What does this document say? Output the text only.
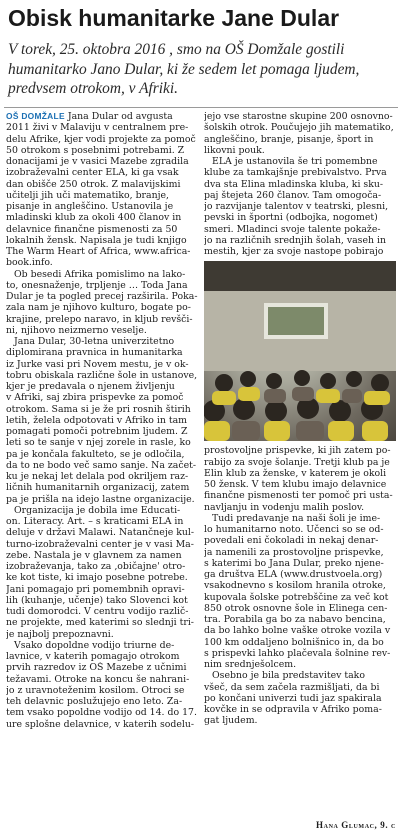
Obisk humanitarke Jane Dular
V torek, 25. oktobra 2016 , smo na OŠ Domžale gostili
humanitarko Jano Dular, ki že sedem let pomaga ljudem,
predvsem otrokom, v Afriki.
OŠ DOMŽALE Jana Dular od avgusta
2011 živi v Malaviju v centralnem pre-
delu Afrike, kjer vodi projekte za pomoč
50 otrokom s posebnimi potrebami. Z
donacijami je v vasici Mazebe zgradila
izobraževalni center ELA, ki ga vsak
dan obišče 250 otrok. Z malavijskimi
učitelji jih uči matematiko, branje,
pisanje in angleščino. Ustanovila je
mladinski klub za okoli 400 članov in
delavnice finančne pismenosti za 50
lokalnih žensk. Napisala je tudi knjigo
The Warm Heart of Africa, www.africa-
book.info.
Ob besedi Afrika pomislimo na lako-
to, onesnaženje, trpljenje … Toda Jana
Dular je ta pogled precej razširila. Poka-
zala nam je njihovo kulturo, bogate po-
krajine, prelepo naravo, in kljub revšči-
ni, njihovo neizmerno veselje.
Jana Dular, 30-letna univerzitetno
diplomirana pravnica in humanitarka
iz Jurke vasi pri Novem mestu, je v ok-
tobru obiskala različne šole in ustanove,
kjer je predavala o njenem življenju
v Afriki, saj zbira prispevke za pomoč
otrokom. Sama si je že pri rosnih štirih
letih, želela odpotovati v Afriko in tam
pomagati pomoči potrebnim ljudem. Z
leti so te sanje v njej zorele in rasle, ko
pa je končala fakulteto, se je odločila,
da to ne bodo več samo sanje. Na začet-
ku je nekaj let delala pod okriljem raz-
ličnih humanitarnih organizacij, zatem
pa je prišla na idejo lastne organizacije.
Organizacija je dobila ime Educati-
on. Literacy. Art. – s kraticami ELA in
deluje v državi Malawi. Natančneje kul-
turno-izobraževalni center je v vasi Ma-
zebe. Nastala je v glavnem za namen
izobraževanja, tako za ‚običajne' otro-
ke kot tiste, ki imajo posebne potrebe.
Jani pomagajo pri pomembnih opravi-
lih (kuhanje, učenje) tako Slovenci kot
tudi domorodci. V centru vodijo različ-
ne projekte, med katerimi so slednji tri-
je najbolj prepoznavni.
Vsako dopoldne vodijo triurne de-
lavnice, v katerih pomagajo otrokom
prvih razredov iz OŠ Mazebe z učnimi
težavami. Otroke na koncu še nahrani-
jo z uravnoteženim kosilom. Otroci se
teh delavnic poslužujejo eno leto. Za-
tem vsako popoldne vodijo od 14. do 17.
ure splošne delavnice, v katerih sodelu-
jejo vse starostne skupine 200 osnovno-
šolskih otrok. Poučujejo jih matematiko,
angleščino, branje, pisanje, šport in
likovni pouk.
ELA je ustanovila še tri pomembne
klube za tamkajšnje prebivalstvo. Prva
dva sta Elina mladinska kluba, ki sku-
paj štejeta 260 članov. Tam omogoča-
jo razvijanje talentov v teatrski, plesni,
pevski in športni (odbojka, nogomet)
smeri. Mladinci svoje talente pokaže-
jo na različnih srednjih šolah, vaseh in
mestih, kjer za svoje nastope pobirajo
prostovoljne prispevke, ki jih zatem po-
rabijo za svoje šolanje. Tretji klub pa je
Elin klub za ženske, v katerem je okoli
50 žensk. V tem klubu imajo delavnice
finančne pismenosti ter pomoč pri usta-
navljanju in vodenju malih poslov.
Tudi predavanje na naši šoli je ime-
lo humanitarno noto. Učenci so se od-
povedali eni čokoladi in nekaj denar-
ja namenili za prostovoljne prispevke,
s katerimi bo Jana Dular, preko njene-
ga društva ELA (www.drustvoela.org)
vsakodnevno s kosilom hranila otroke,
kupovala šolske potrebščine za več kot
850 otrok osnovne šole in Elinega cen-
tra. Porabila ga bo za nabavo bencina,
da bo lahko bolne vaške otroke vozila v
100 km oddaljeno bolnišnico in, da bo
s prispevki lahko plačevala šolnine rev-
nim srednješolcem.
Osebno je bila predstavitev tako
všeč, da sem začela razmišljati, da bi
po končani univerzi tudi jaz spakirala
kovčke in se odpravila v Afriko poma-
gat ljudem.
Hana Glumac, 9. c
